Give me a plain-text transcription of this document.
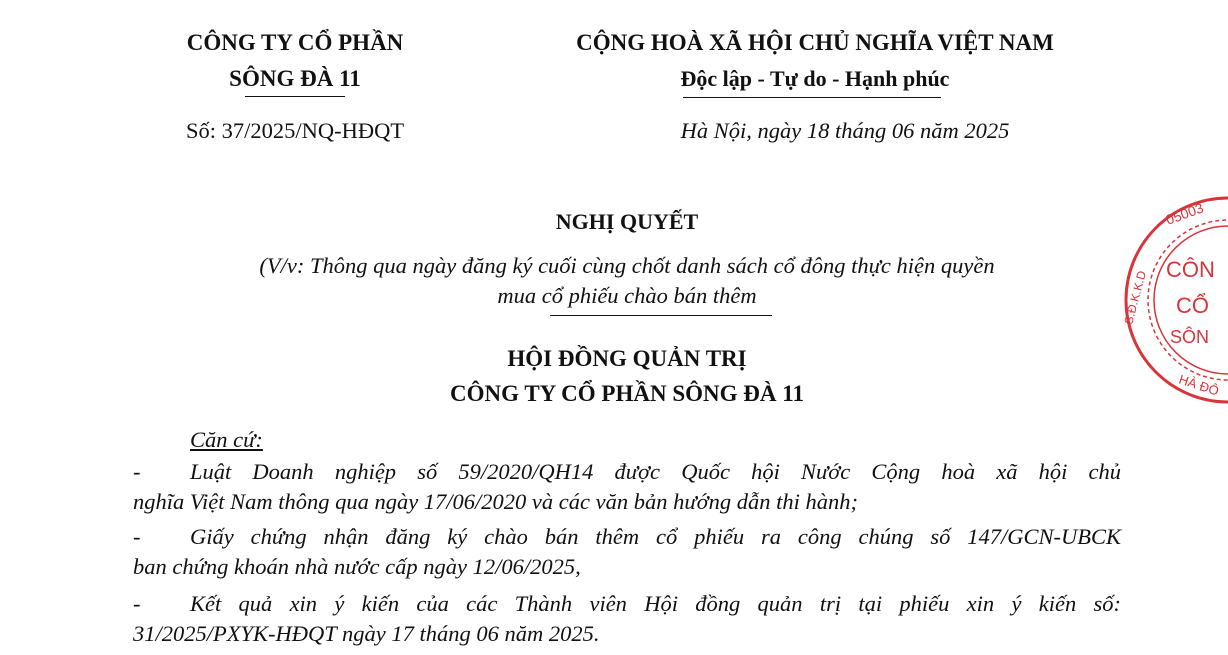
CÔNG TY CỔ PHẦN
SÔNG ĐÀ 11
CỘNG HOÀ XÃ HỘI CHỦ NGHĨA VIỆT NAM
Độc lập - Tự do - Hạnh phúc
Số: 37/2025/NQ-HĐQT	Hà Nội, ngày 18 tháng 06 năm 2025
NGHỊ QUYẾT
(V/v: Thông qua ngày đăng ký cuối cùng chốt danh sách cổ đông thực hiện quyền
mua cổ phiếu chào bán thêm
HỘI ĐỒNG QUẢN TRỊ
CÔNG TY CỔ PHẦN SÔNG ĐÀ 11
Căn cứ:
- Luật Doanh nghiệp số 59/2020/QH14 được Quốc hội Nước Cộng hoà xã hội chủ
nghĩa Việt Nam thông qua ngày 17/06/2020 và các văn bản hướng dẫn thi hành;
- Giấy chứng nhận đăng ký chào bán thêm cổ phiếu ra công chúng số 147/GCN-UBCK
ban chứng khoán nhà nước cấp ngày 12/06/2025,
- Kết quả xin ý kiến của các Thành viên Hội đồng quản trị tại phiếu xin ý kiến số:
31/2025/PXYK-HĐQT ngày 17 tháng 06 năm 2025.
05003
S.Đ.K.K.D CÔN
CỔ
SÔN
HÀ ĐÔ
